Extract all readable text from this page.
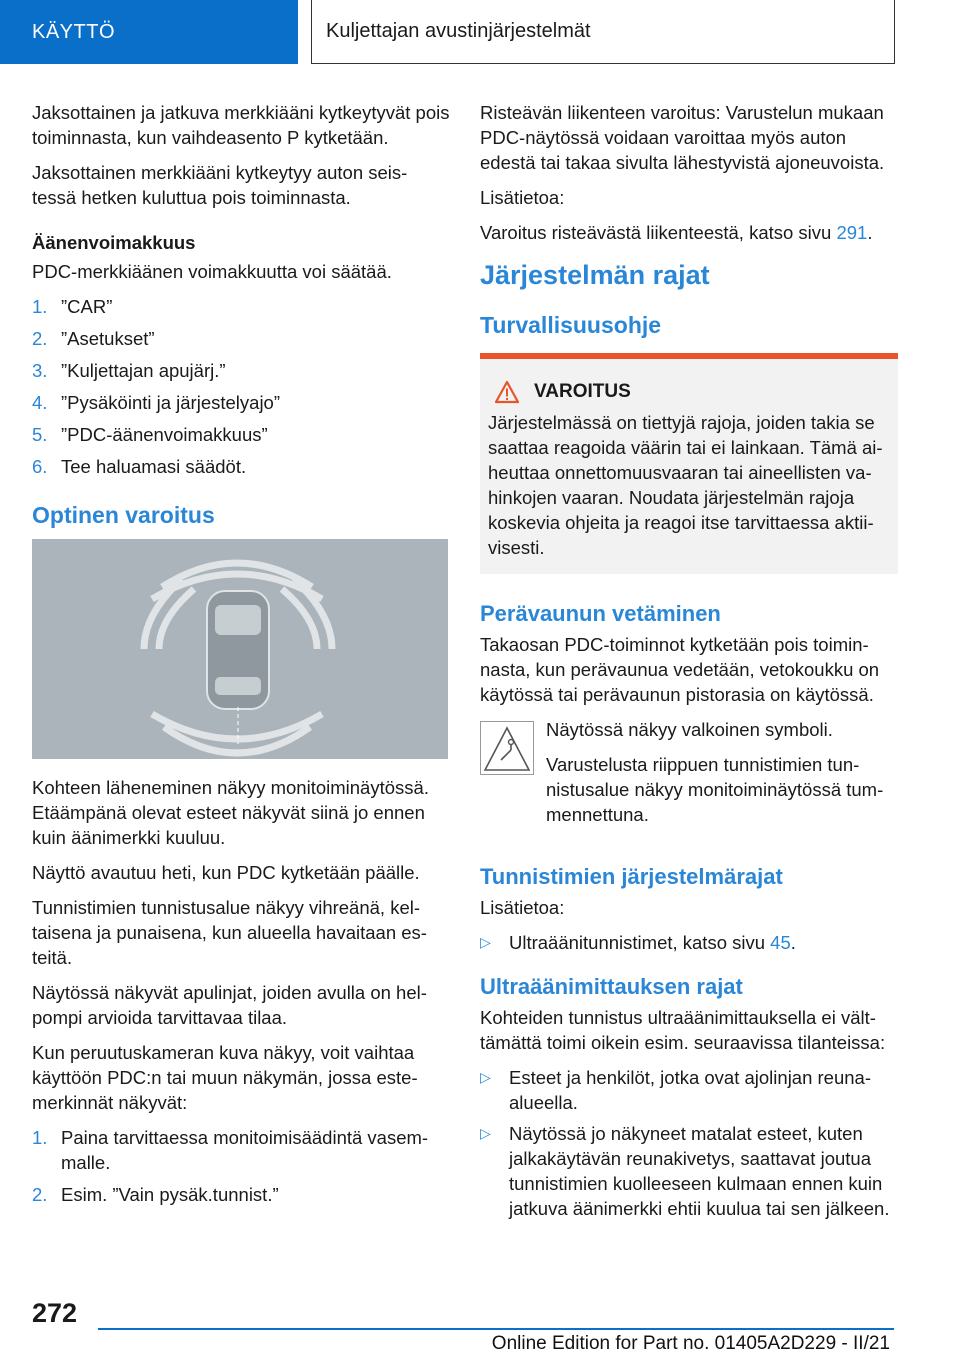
KÄYTTÖ	Kuljettajan avustinjärjestelmät

Jaksottainen ja jatkuva merkkiääni kytkeytyvät pois toiminnasta, kun vaihdeasento P kytketään.

Jaksottainen merkkiääni kytkeytyy auton seis-tessä hetken kuluttua pois toiminnasta.

Äänenvoimakkuus

PDC-merkkiäänen voimakkuutta voi säätää.

1. ”CAR”
2. ”Asetukset”
3. ”Kuljettajan apujärj.”
4. ”Pysäköinti ja järjestelyajo”
5. ”PDC-äänenvoimakkuus”
6. Tee haluamasi säädöt.
Optinen varoitus

Kohteen läheneminen näkyy monitoiminäytössä. Etäämpänä olevat esteet näkyvät siinä jo ennen kuin äänimerkki kuuluu.

Näyttö avautuu heti, kun PDC kytketään päälle.

Tunnistimien tunnistusalue näkyy vihreänä, kel-taisena ja punaisena, kun alueella havaitaan es-teitä.

Näytössä näkyvät apulinjat, joiden avulla on hel-pompi arvioida tarvittavaa tilaa.

Kun peruutuskameran kuva näkyy, voit vaihtaa käyttöön PDC:n tai muun näkymän, jossa este-merkinnät näkyvät:

1. Paina tarvittaessa monitoimisäädintä vasem-malle.
2. Esim. ”Vain pysäk.tunnist.”

Risteävän liikenteen varoitus: Varustelun mukaan PDC-näytössä voidaan varoittaa myös auton edestä tai takaa sivulta lähestyvistä ajoneuvoista.

Lisätietoa:

Varoitus risteävästä liikenteestä, katso sivu 291.

Järjestelmän rajat
Turvallisuusohje
VAROITUS
Järjestelmässä on tiettyjä rajoja, joiden takia se saattaa reagoida väärin tai ei lainkaan. Tämä ai-heuttaa onnettomuusvaaran tai aineellisten va-hinkojen vaaran. Noudata järjestelmän rajoja koskevia ohjeita ja reagoi itse tarvittaessa aktii-visesti.
Perävaunun vetäminen

Takaosan PDC-toiminnot kytketään pois toimin-nasta, kun perävaunua vedetään, vetokoukku on käytössä tai perävaunun pistorasia on käytössä.

Näytössä näkyy valkoinen symboli.

Varustelusta riippuen tunnistimien tun-nistusalue näkyy monitoiminäytössä tum-mennettuna.

Tunnistimien järjestelmärajat

Lisätietoa:

▷ Ultraäänitunnistimet, katso sivu 45.
Ultraäänimittauksen rajat

Kohteiden tunnistus ultraäänimittauksella ei vält-tämättä toimi oikein esim. seuraavissa tilanteissa:

▷ Esteet ja henkilöt, jotka ovat ajolinjan reuna-alueella.
▷ Näytössä jo näkyneet matalat esteet, kuten jalkakäytävän reunakivetys, saattavat joutua tunnistimien kuolleeseen kulmaan ennen kuin jatkuva äänimerkki ehtii kuulua tai sen jälkeen.
272
Online Edition for Part no. 01405A2D229 - II/21
